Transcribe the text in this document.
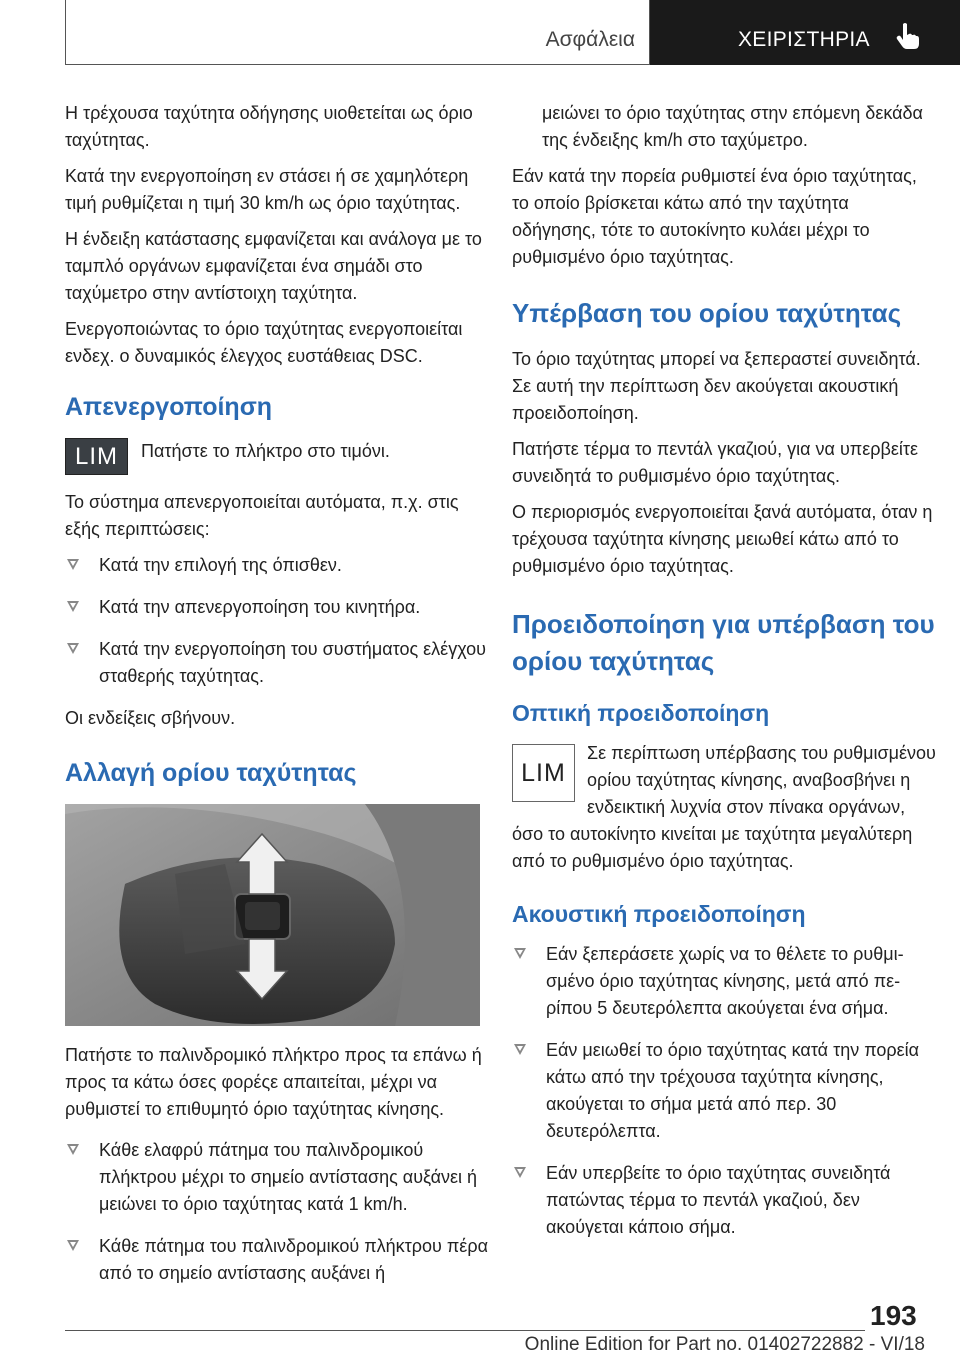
Ασφάλεια	ΧΕΙΡΙΣΤΗΡΙΑ

Η τρέχουσα ταχύτητα οδήγησης υιοθετείται ως όριο ταχύτητας.

Κατά την ενεργοποίηση εν στάσει ή σε χαμηλότερη τιμή ρυθμίζεται η τιμή 30 km/h ως όριο ταχύτητας.

Η ένδειξη κατάστασης εμφανίζεται και ανάλογα με το ταμπλό οργάνων εμφανίζεται ένα σημάδι στο ταχύμετρο στην αντίστοιχη ταχύτητα.

Ενεργοποιώντας το όριο ταχύτητας ενεργοποιείται ενδεχ. ο δυναμικός έλεγχος ευστάθειας DSC.

Απενεργοποίηση
LIM	Πατήστε το πλήκτρο στο τιμόνι.

Το σύστημα απενεργοποιείται αυτόματα, π.χ. στις εξής περιπτώσεις:

Κατά την επιλογή της όπισθεν.
Κατά την απενεργοποίηση του κινητήρα.
Κατά την ενεργοποίηση του συστήματος ελέγχου σταθερής ταχύτητας.

Οι ενδείξεις σβήνουν.

Αλλαγή ορίου ταχύτητας

Πατήστε το παλινδρομικό πλήκτρο προς τα επάνω ή προς τα κάτω όσες φορέςε απαιτείται, μέχρι να ρυθμιστεί το επιθυμητό όριο ταχύτητας κίνησης.

Κάθε ελαφρύ πάτημα του παλινδρομικού πλήκτρου μέχρι το σημείο αντίστασης αυξάνει ή μειώνει το όριο ταχύτητας κατά 1 km/h.
Κάθε πάτημα του παλινδρομικού πλήκτρου πέρα από το σημείο αντίστασης αυξάνει ή

μειώνει το όριο ταχύτητας στην επόμενη δεκάδα της ένδειξης km/h στο ταχύμετρο.

Εάν κατά την πορεία ρυθμιστεί ένα όριο ταχύτητας, το οποίο βρίσκεται κάτω από την ταχύτητα οδήγησης, τότε το αυτοκίνητο κυλάει μέχρι το ρυθμισμένο όριο ταχύτητας.

Υπέρβαση του ορίου ταχύτητας

Το όριο ταχύτητας μπορεί να ξεπεραστεί συνειδητά. Σε αυτή την περίπτωση δεν ακούγεται ακουστική προειδοποίηση.

Πατήστε τέρμα το πεντάλ γκαζιού, για να υπερβείτε συνειδητά το ρυθμισμένο όριο ταχύτητας.

Ο περιορισμός ενεργοποιείται ξανά αυτόματα, όταν η τρέχουσα ταχύτητα κίνησης μειωθεί κάτω από το ρυθμισμένο όριο ταχύτητας.

Προειδοποίηση για υπέρβαση του ορίου ταχύτητας
Οπτική προειδοποίηση
LIM

Σε περίπτωση υπέρβασης του ρυθμισμένου ορίου ταχύτητας κίνησης, αναβοσβήνει η ενδεικτική λυχνία στον πίνακα οργάνων, όσο το αυτοκίνητο κινείται με ταχύτητα μεγαλύτερη από το ρυθμισμένο όριο ταχύτητας.

Ακουστική προειδοποίηση
Εάν ξεπεράσετε χωρίς να το θέλετε το ρυθμισμένο όριο ταχύτητας κίνησης, μετά από περίπου 5 δευτερόλεπτα ακούγεται ένα σήμα.
Εάν μειωθεί το όριο ταχύτητας κατά την πορεία κάτω από την τρέχουσα ταχύτητα κίνησης, ακούγεται το σήμα μετά από περ. 30 δευτερόλεπτα.
Εάν υπερβείτε το όριο ταχύτητας συνειδητά πατώντας τέρμα το πεντάλ γκαζιού, δεν ακούγεται κάποιο σήμα.
193
Online Edition for Part no. 01402722882 - VI/18
